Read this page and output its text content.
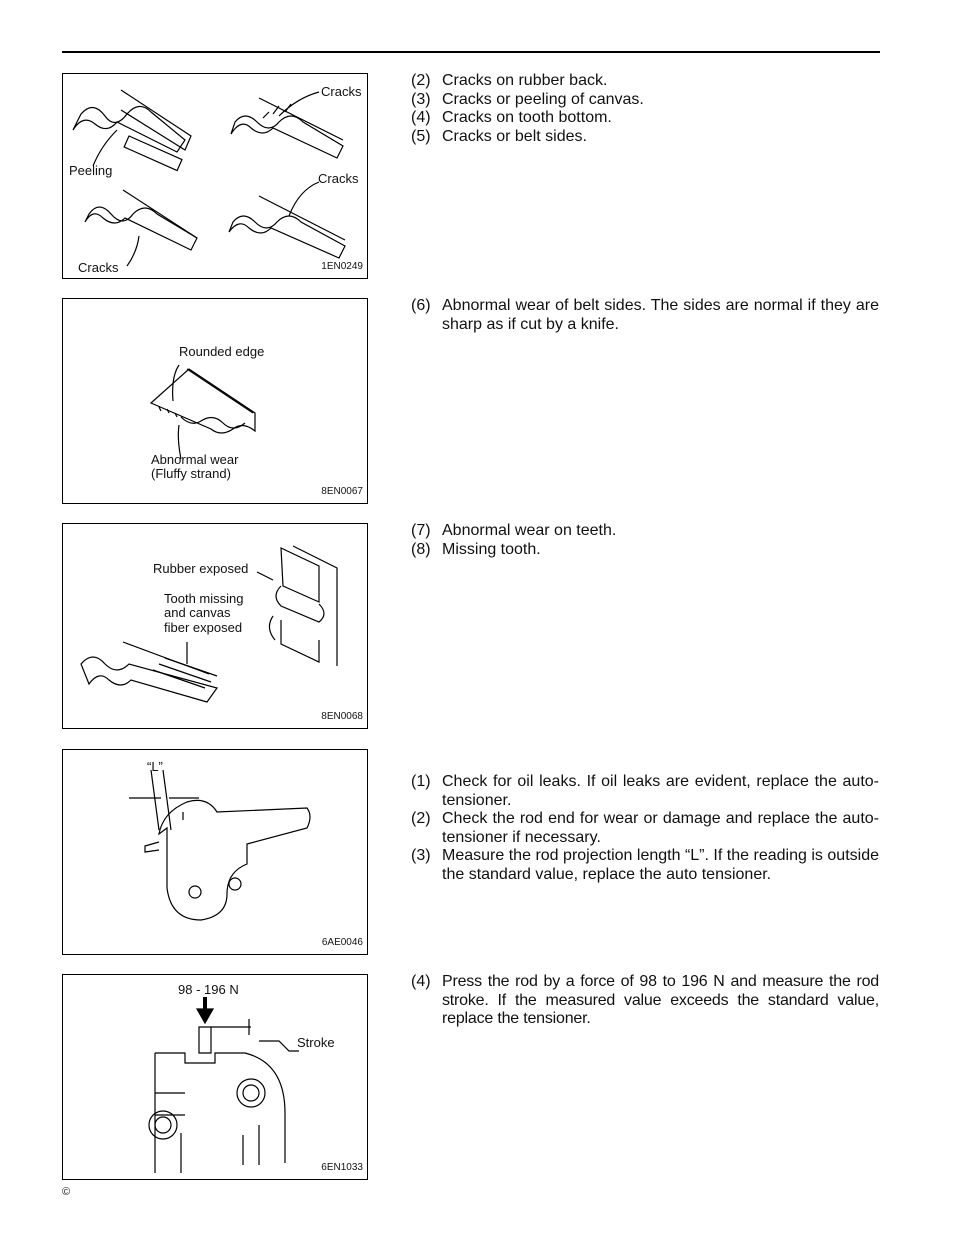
Cracks
Peeling
Cracks
Cracks	1EN0249
Rounded edge
Abnormal wear
(Fluffy strand)
8EN0067
Rubber exposed
Tooth missing
and canvas
fiber exposed
8EN0068
“L”
6AE0046
98 - 196 N
Stroke
6EN1033
(2) Cracks on rubber back.
(3) Cracks or peeling of canvas.
(4) Cracks on tooth bottom.
(5) Cracks or belt sides.
(6) Abnormal wear of belt sides. The sides are normal if they are sharp as if cut by a knife.
(7) Abnormal wear on teeth.
(8) Missing tooth.
(1) Check for oil leaks. If oil leaks are evident, replace the auto-tensioner.
(2) Check the rod end for wear or damage and replace the auto-tensioner if necessary.
(3) Measure the rod projection length “L”. If the reading is outside the standard value, replace the auto tensioner.
(4) Press the rod by a force of 98 to 196 N and measure the rod stroke. If the measured value exceeds the standard value, replace the tensioner.
©
